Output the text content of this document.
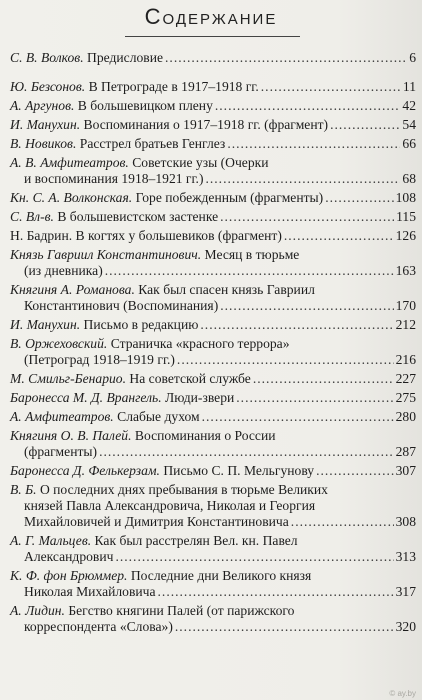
Содержание
С. В. Волков. Предисловие .....	6
Ю. Безсонов. В Петрограде в 1917–1918 гг. .....	11
А. Аргунов. В большевицком плену .....	42
И. Манухин. Воспоминания о 1917–1918 гг. (фрагмент) .....	54
В. Новиков. Расстрел братьев Генглез .....	66
А. В. Амфитеатров. Советские узы (Очерки
и воспоминания 1918–1921 гг.) .....	68
Кн. С. А. Волконская. Горе побежденным (фрагменты) .....	108
С. Вл-в. В большевистском застенке .....	115
Н. Бадрин. В когтях у большевиков (фрагмент) .....	126
Князь Гавриил Константинович. Месяц в тюрьме
(из дневника) .....	163
Княгиня А. Романова. Как был спасен князь Гавриил
Константинович (Воспоминания) .....	170
И. Манухин. Письмо в редакцию .....	212
В. Оржеховский. Страничка «красного террора»
(Петроград 1918–1919 гг.) .....	216
М. Смильг-Бенарио. На советской службе .....	227
Баронесса М. Д. Врангель. Люди-звери .....	275
А. Амфитеатров. Слабые духом .....	280
Княгиня О. В. Палей. Воспоминания о России
(фрагменты) .....	287
Баронесса Д. Фелькерзам. Письмо С. П. Мельгунову .....	307
В. Б. О последних днях пребывания в тюрьме Великих
князей Павла Александровича, Николая и Георгия
Михайловичей и Димитрия Константиновича .....	308
А. Г. Мальцев. Как был расстрелян Вел. кн. Павел
Александрович .....	313
К. Ф. фон Брюммер. Последние дни Великого князя
Николая Михайловича .....	317
А. Лидин. Бегство княгини Палей (от парижского
корреспондента «Слова») .....	320
© ay.by
